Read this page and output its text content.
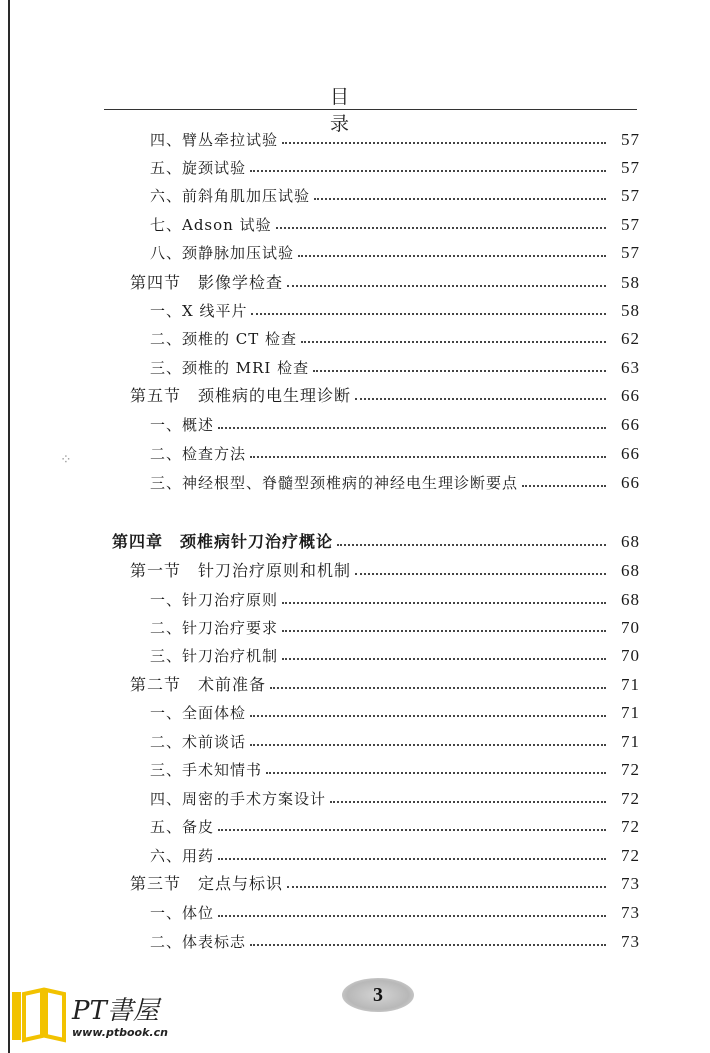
目录
⁘
四、臂丛牵拉试验	57
五、旋颈试验	57
六、前斜角肌加压试验	57
七、Adson 试验	57
八、颈静脉加压试验	57
第四节　影像学检查	58
一、X 线平片	58
二、颈椎的 CT 检查	62
三、颈椎的 MRI 检查	63
第五节　颈椎病的电生理诊断	66
一、概述	66
二、检查方法	66
三、神经根型、脊髓型颈椎病的神经电生理诊断要点	66
第四章　颈椎病针刀治疗概论	68
第一节　针刀治疗原则和机制	68
一、针刀治疗原则	68
二、针刀治疗要求	70
三、针刀治疗机制	70
第二节　术前准备	71
一、全面体检	71
二、术前谈话	71
三、手术知情书	72
四、周密的手术方案设计	72
五、备皮	72
六、用药	72
第三节　定点与标识	73
一、体位	73
二、体表标志	73
3
PT書屋
www.ptbook.cn
